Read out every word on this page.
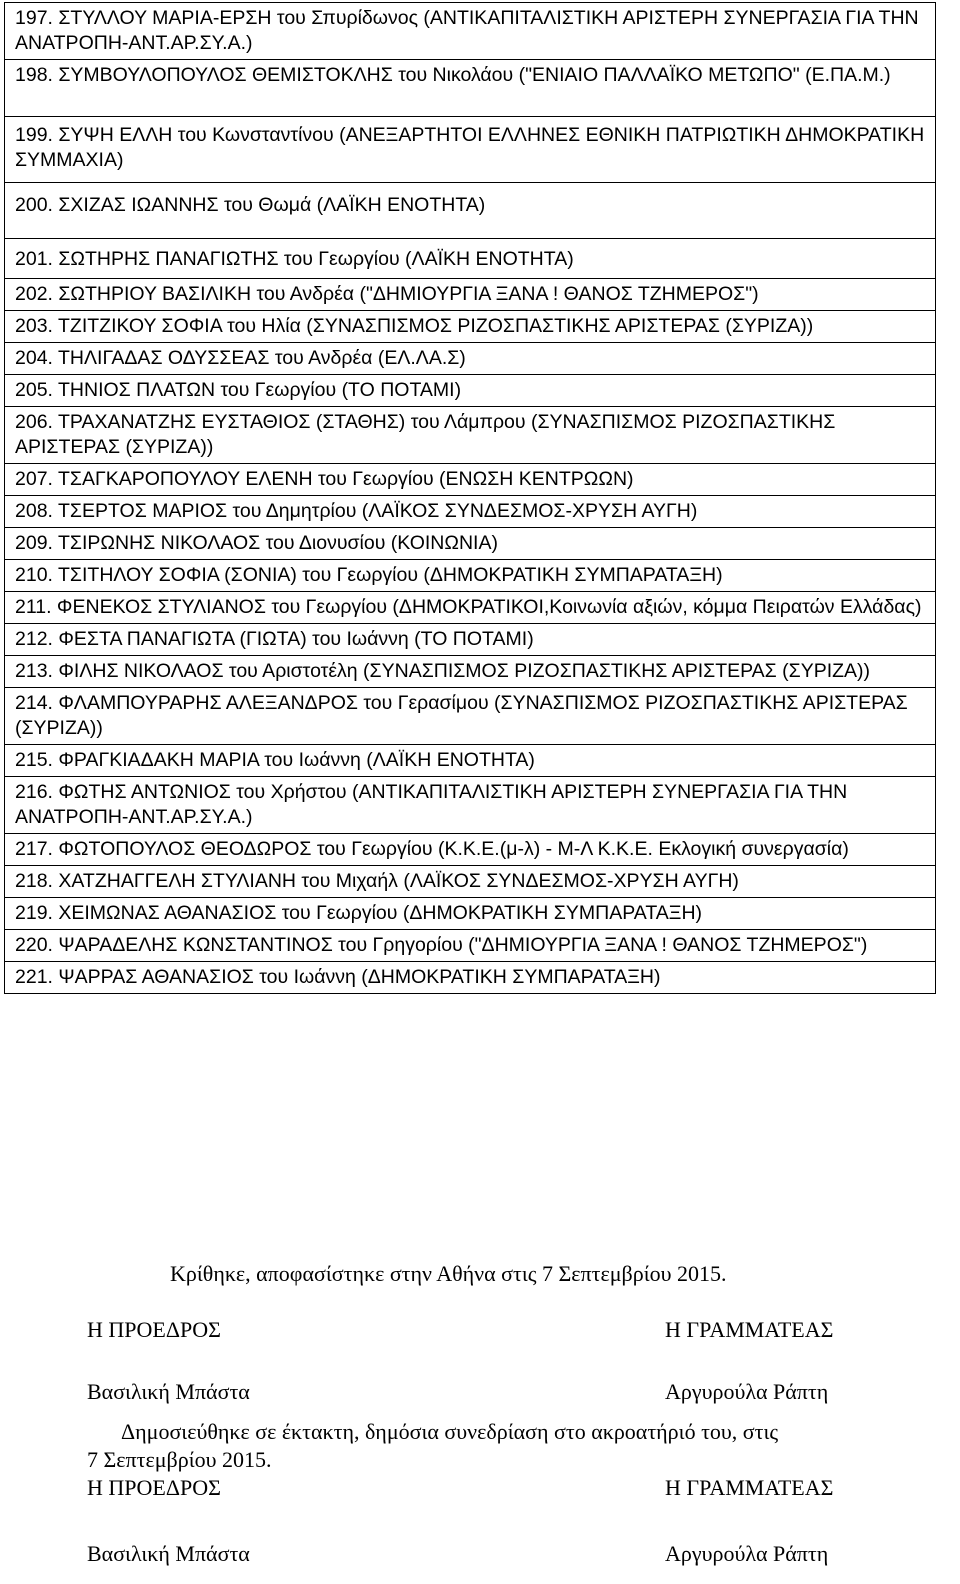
197. ΣΤΥΛΛΟΥ ΜΑΡΙΑ-ΕΡΣΗ του Σπυρίδωνος (ΑΝΤΙΚΑΠΙΤΑΛΙΣΤΙΚΗ ΑΡΙΣΤΕΡΗ ΣΥΝΕΡΓΑΣΙΑ ΓΙΑ ΤΗΝ ΑΝΑΤΡΟΠΗ-ΑΝΤ.ΑΡ.ΣΥ.Α.)
198. ΣΥΜΒΟΥΛΟΠΟΥΛΟΣ ΘΕΜΙΣΤΟΚΛΗΣ του Νικολάου ("ΕΝΙΑΙΟ ΠΑΛΛΑΪΚΟ ΜΕΤΩΠΟ" (Ε.ΠΑ.Μ.)
199. ΣΥΨΗ ΕΛΛΗ του Κωνσταντίνου (ΑΝΕΞΑΡΤΗΤΟΙ ΕΛΛΗΝΕΣ ΕΘΝΙΚΗ ΠΑΤΡΙΩΤΙΚΗ ΔΗΜΟΚΡΑΤΙΚΗ ΣΥΜΜΑΧΙΑ)
200. ΣΧΙΖΑΣ ΙΩΑΝΝΗΣ του Θωμά (ΛΑΪΚΗ ΕΝΟΤΗΤΑ)
201. ΣΩΤΗΡΗΣ ΠΑΝΑΓΙΩΤΗΣ του Γεωργίου (ΛΑΪΚΗ ΕΝΟΤΗΤΑ)
202. ΣΩΤΗΡΙΟΥ ΒΑΣΙΛΙΚΗ του Ανδρέα ("ΔΗΜΙΟΥΡΓΙΑ ΞΑΝΑ ! ΘΑΝΟΣ ΤΖΗΜΕΡΟΣ")
203. ΤΖΙΤΖΙΚΟΥ ΣΟΦΙΑ του Ηλία (ΣΥΝΑΣΠΙΣΜΟΣ ΡΙΖΟΣΠΑΣΤΙΚΗΣ ΑΡΙΣΤΕΡΑΣ (ΣΥΡΙΖΑ))
204. ΤΗΛΙΓΑΔΑΣ ΟΔΥΣΣΕΑΣ του Ανδρέα (ΕΛ.ΛΑ.Σ)
205. ΤΗΝΙΟΣ ΠΛΑΤΩΝ του Γεωργίου (ΤΟ ΠΟΤΑΜΙ)
206. ΤΡΑΧΑΝΑΤΖΗΣ ΕΥΣΤΑΘΙΟΣ (ΣΤΑΘΗΣ) του Λάμπρου (ΣΥΝΑΣΠΙΣΜΟΣ ΡΙΖΟΣΠΑΣΤΙΚΗΣ ΑΡΙΣΤΕΡΑΣ (ΣΥΡΙΖΑ))
207. ΤΣΑΓΚΑΡΟΠΟΥΛΟΥ ΕΛΕΝΗ του Γεωργίου (ΕΝΩΣΗ ΚΕΝΤΡΩΩΝ)
208. ΤΣΕΡΤΟΣ ΜΑΡΙΟΣ του Δημητρίου (ΛΑΪΚΟΣ ΣΥΝΔΕΣΜΟΣ-ΧΡΥΣΗ ΑΥΓΗ)
209. ΤΣΙΡΩΝΗΣ ΝΙΚΟΛΑΟΣ του Διονυσίου (ΚΟΙΝΩΝΙΑ)
210. ΤΣΙΤΗΛΟΥ ΣΟΦΙΑ (ΣΟΝΙΑ) του Γεωργίου (ΔΗΜΟΚΡΑΤΙΚΗ ΣΥΜΠΑΡΑΤΑΞΗ)
211. ΦΕΝΕΚΟΣ ΣΤΥΛΙΑΝΟΣ του Γεωργίου (ΔΗΜΟΚΡΑΤΙΚΟΙ,Κοινωνία αξιών, κόμμα Πειρατών Ελλάδας)
212. ΦΕΣΤΑ ΠΑΝΑΓΙΩΤΑ (ΓΙΩΤΑ) του Ιωάννη (ΤΟ ΠΟΤΑΜΙ)
213. ΦΙΛΗΣ ΝΙΚΟΛΑΟΣ του Αριστοτέλη (ΣΥΝΑΣΠΙΣΜΟΣ ΡΙΖΟΣΠΑΣΤΙΚΗΣ ΑΡΙΣΤΕΡΑΣ (ΣΥΡΙΖΑ))
214. ΦΛΑΜΠΟΥΡΑΡΗΣ ΑΛΕΞΑΝΔΡΟΣ του Γερασίμου (ΣΥΝΑΣΠΙΣΜΟΣ ΡΙΖΟΣΠΑΣΤΙΚΗΣ ΑΡΙΣΤΕΡΑΣ (ΣΥΡΙΖΑ))
215. ΦΡΑΓΚΙΑΔΑΚΗ ΜΑΡΙΑ του Ιωάννη (ΛΑΪΚΗ ΕΝΟΤΗΤΑ)
216. ΦΩΤΗΣ ΑΝΤΩΝΙΟΣ του Χρήστου (ΑΝΤΙΚΑΠΙΤΑΛΙΣΤΙΚΗ ΑΡΙΣΤΕΡΗ ΣΥΝΕΡΓΑΣΙΑ ΓΙΑ ΤΗΝ ΑΝΑΤΡΟΠΗ-ΑΝΤ.ΑΡ.ΣΥ.Α.)
217. ΦΩΤΟΠΟΥΛΟΣ ΘΕΟΔΩΡΟΣ του Γεωργίου (Κ.Κ.Ε.(μ-λ) - Μ-Λ Κ.Κ.Ε. Εκλογική συνεργασία)
218. ΧΑΤΖΗΑΓΓΕΛΗ ΣΤΥΛΙΑΝΗ του Μιχαήλ (ΛΑΪΚΟΣ ΣΥΝΔΕΣΜΟΣ-ΧΡΥΣΗ ΑΥΓΗ)
219. ΧΕΙΜΩΝΑΣ ΑΘΑΝΑΣΙΟΣ του Γεωργίου (ΔΗΜΟΚΡΑΤΙΚΗ ΣΥΜΠΑΡΑΤΑΞΗ)
220. ΨΑΡΑΔΕΛΗΣ ΚΩΝΣΤΑΝΤΙΝΟΣ του Γρηγορίου ("ΔΗΜΙΟΥΡΓΙΑ ΞΑΝΑ ! ΘΑΝΟΣ ΤΖΗΜΕΡΟΣ")
221. ΨΑΡΡΑΣ ΑΘΑΝΑΣΙΟΣ του Ιωάννη (ΔΗΜΟΚΡΑΤΙΚΗ ΣΥΜΠΑΡΑΤΑΞΗ)
Κρίθηκε, αποφασίστηκε στην Αθήνα στις 7 Σεπτεμβρίου 2015.
Η ΠΡΟΕΔΡΟΣ	Η ΓΡΑΜΜΑΤΕΑΣ
Βασιλική Μπάστα	Αργυρούλα Ράπτη
Δημοσιεύθηκε σε έκτακτη, δημόσια συνεδρίαση στο ακροατήριό του, στις
7 Σεπτεμβρίου 2015.
Η ΠΡΟΕΔΡΟΣ	Η ΓΡΑΜΜΑΤΕΑΣ
Βασιλική Μπάστα	Αργυρούλα Ράπτη
